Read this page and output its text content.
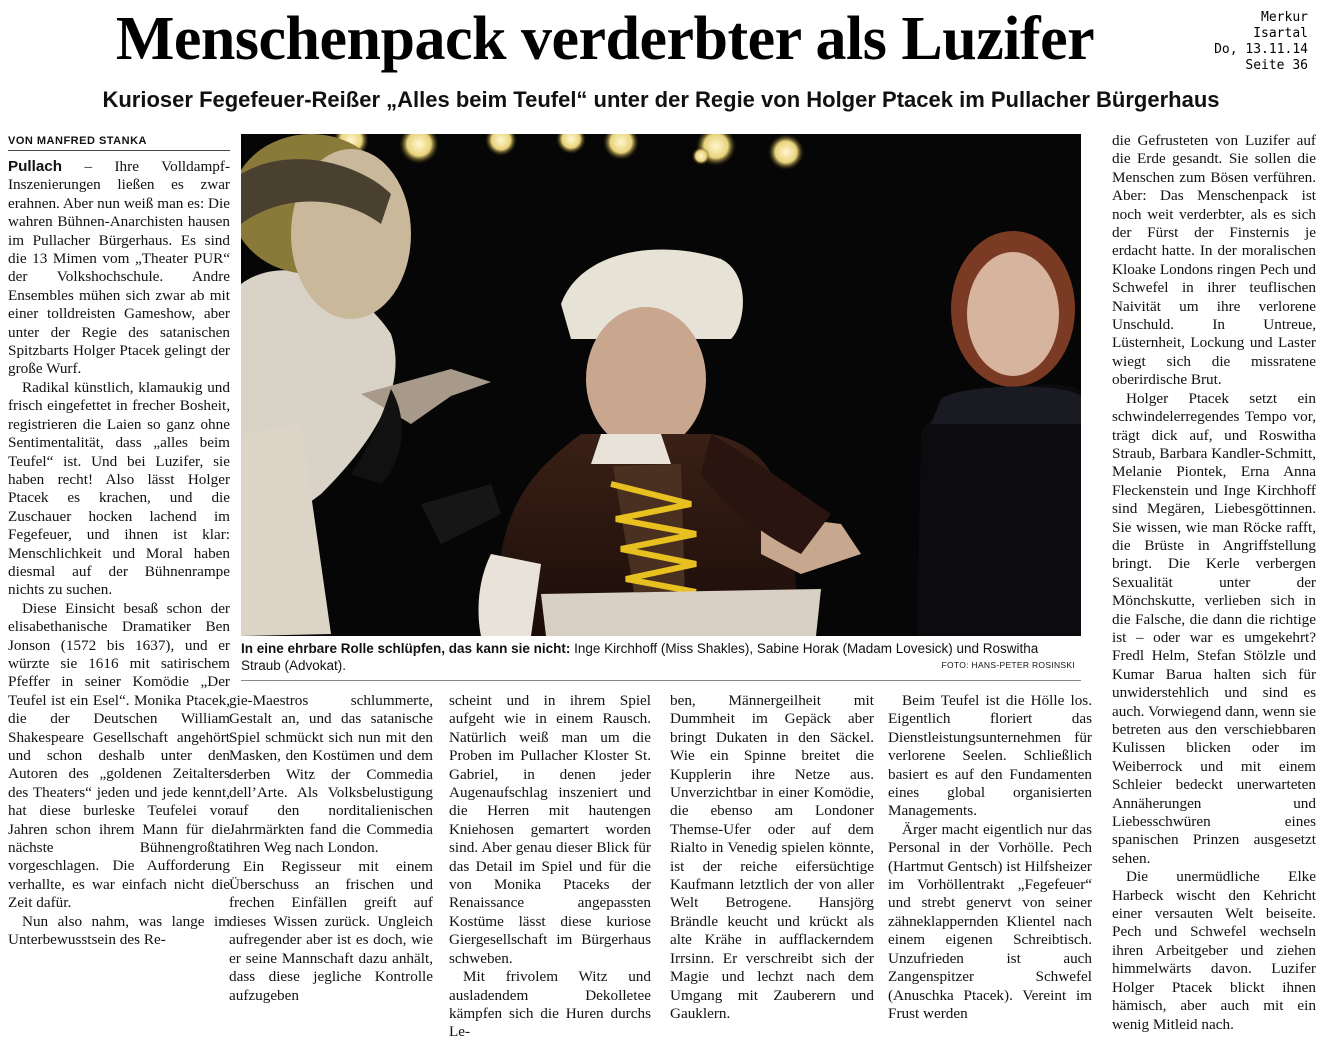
Menschenpack verderbter als Luzifer	Merkur
Isartal
Do, 13.11.14
Seite 36
Kurioser Fegefeuer-Reißer „Alles beim Teufel“ unter der Regie von Holger Ptacek im Pullacher Bürgerhaus
VON MANFRED STANKA

Pullach – Ihre Volldampf-Inszenierungen ließen es zwar erahnen. Aber nun weiß man es: Die wahren Bühnen-Anarchisten hausen im Pullacher Bürgerhaus. Es sind die 13 Mimen vom „Theater PUR“ der Volkshochschule. Andre Ensembles mühen sich zwar ab mit einer tolldreisten Gameshow, aber unter der Regie des satanischen Spitzbarts Holger Ptacek gelingt der große Wurf.

Radikal künstlich, klamaukig und frisch eingefettet in frecher Bosheit, registrieren die Laien so ganz ohne Sentimentalität, dass „alles beim Teufel“ ist. Und bei Luzifer, sie haben recht! Also lässt Holger Ptacek es krachen, und die Zuschauer hocken lachend im Fegefeuer, und ihnen ist klar: Menschlichkeit und Moral haben diesmal auf der Bühnenrampe nichts zu suchen.

Diese Einsicht besaß schon der elisabethanische Dramatiker Ben Jonson (1572 bis 1637), und er würzte sie 1616 mit satirischem Pfeffer in seiner Komödie „Der Teufel ist ein Esel“. Monika Ptacek, die der Deutschen William Shakespeare Gesellschaft angehört und schon deshalb unter den Autoren des „goldenen Zeitalters des Theaters“ jeden und jede kennt, hat diese burleske Teufelei vor Jahren schon ihrem Mann für die nächste Bühnengroßtat vorgeschlagen. Die Aufforderung verhallte, es war einfach nicht die Zeit dafür.

Nun also nahm, was lange im Unterbewusstsein des Re-

In eine ehrbare Rolle schlüpfen, das kann sie nicht: Inge Kirchhoff (Miss Shakles), Sabine Horak (Madam Lovesick) und Roswitha Straub (Advokat).	FOTO: HANS-PETER ROSINSKI

gie-Maestros schlummerte, Gestalt an, und das satanische Spiel schmückt sich nun mit den Masken, den Kostümen und dem derben Witz der Commedia dell’Arte. Als Volksbelustigung auf den norditalienischen Jahrmärkten fand die Commedia ihren Weg nach London.

Ein Regisseur mit einem Überschuss an frischen und frechen Einfällen greift auf dieses Wissen zurück. Ungleich aufregender aber ist es doch, wie er seine Mannschaft dazu anhält, dass diese jegliche Kontrolle aufzugeben

scheint und in ihrem Spiel aufgeht wie in einem Rausch. Natürlich weiß man um die Proben im Pullacher Kloster St. Gabriel, in denen jeder Augenaufschlag inszeniert und die Herren mit hautengen Kniehosen gemartert worden sind. Aber genau dieser Blick für das Detail im Spiel und für die von Monika Ptaceks der Renaissance angepassten Kostüme lässt diese kuriose Giergesellschaft im Bürgerhaus schweben.

Mit frivolem Witz und ausladendem Dekolletee kämpfen sich die Huren durchs Le-

ben, Männergeilheit mit Dummheit im Gepäck aber bringt Dukaten in den Säckel. Wie ein Spinne breitet die Kupplerin ihre Netze aus. Unverzichtbar in einer Komödie, die ebenso am Londoner Themse-Ufer oder auf dem Rialto in Venedig spielen könnte, ist der reiche eifersüchtige Kaufmann letztlich der von aller Welt Betrogene. Hansjörg Brändle keucht und krückt als alte Krähe in aufflackerndem Irrsinn. Er verschreibt sich der Magie und lechzt nach dem Umgang mit Zauberern und Gauklern.

Beim Teufel ist die Hölle los. Eigentlich floriert das Dienstleistungsunternehmen für verlorene Seelen. Schließlich basiert es auf den Fundamenten eines global organisierten Managements.

Ärger macht eigentlich nur das Personal in der Vorhölle. Pech (Hartmut Gentsch) ist Hilfsheizer im Vorhöllentrakt „Fegefeuer“ und strebt genervt von seiner zähneklappernden Klientel nach einem eigenen Schreibtisch. Unzufrieden ist auch Zangenspitzer Schwefel (Anuschka Ptacek). Vereint im Frust werden

die Gefrusteten von Luzifer auf die Erde gesandt. Sie sollen die Menschen zum Bösen verführen. Aber: Das Menschenpack ist noch weit verderbter, als es sich der Fürst der Finsternis je erdacht hatte. In der moralischen Kloake Londons ringen Pech und Schwefel in ihrer teuflischen Naivität um ihre verlorene Unschuld. In Untreue, Lüsternheit, Lockung und Laster wiegt sich die missratene oberirdische Brut.

Holger Ptacek setzt ein schwindelerregendes Tempo vor, trägt dick auf, und Roswitha Straub, Barbara Kandler-Schmitt, Melanie Piontek, Erna Anna Fleckenstein und Inge Kirchhoff sind Megären, Liebesgöttinnen. Sie wissen, wie man Röcke rafft, die Brüste in Angriffstellung bringt. Die Kerle verbergen Sexualität unter der Mönchskutte, verlieben sich in die Falsche, die dann die richtige ist – oder war es umgekehrt? Fredl Helm, Stefan Stölzle und Kumar Barua halten sich für unwiderstehlich und sind es auch. Vorwiegend dann, wenn sie betreten aus den verschiebbaren Kulissen blicken oder im Weiberrock und mit einem Schleier bedeckt unerwarteten Annäherungen und Liebesschwüren eines spanischen Prinzen ausgesetzt sehen.

Die unermüdliche Elke Harbeck wischt den Kehricht einer versauten Welt beiseite. Pech und Schwefel wechseln ihren Arbeitgeber und ziehen himmelwärts davon. Luzifer Holger Ptacek blickt ihnen hämisch, aber auch mit ein wenig Mitleid nach.
